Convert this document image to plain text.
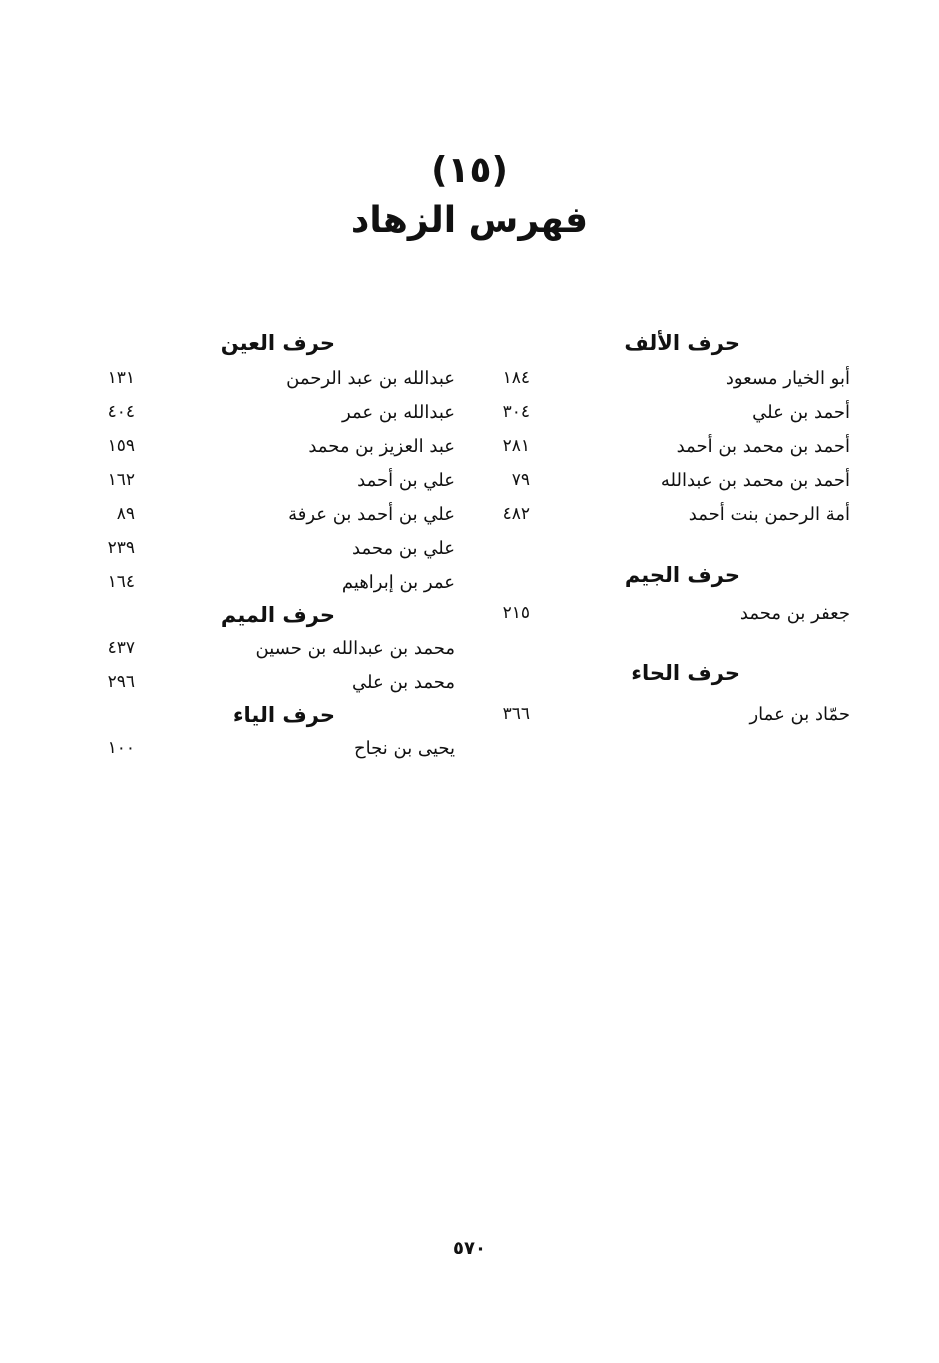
(١٥)
فهرس الزهاد
حرف الألف
أبو الخيار مسعود
١٨٤
أحمد بن علي
٣٠٤
أحمد بن محمد بن أحمد
٢٨١
أحمد بن محمد بن عبدالله
٧٩
أمة الرحمن بنت أحمد
٤٨٢
حرف الجيم
جعفر بن محمد
٢١٥
حرف الحاء
حمّاد بن عمار
٣٦٦
حرف العين
عبدالله بن عبد الرحمن
١٣١
عبدالله بن عمر
٤٠٤
عبد العزيز بن محمد
١٥٩
علي بن أحمد
١٦٢
علي بن أحمد بن عرفة
٨٩
علي بن محمد
٢٣٩
عمر بن إبراهيم
١٦٤
حرف الميم
محمد بن عبدالله بن حسين
٤٣٧
محمد بن علي
٢٩٦
حرف الياء
يحيى بن نجاح
١٠٠
٥٧٠
